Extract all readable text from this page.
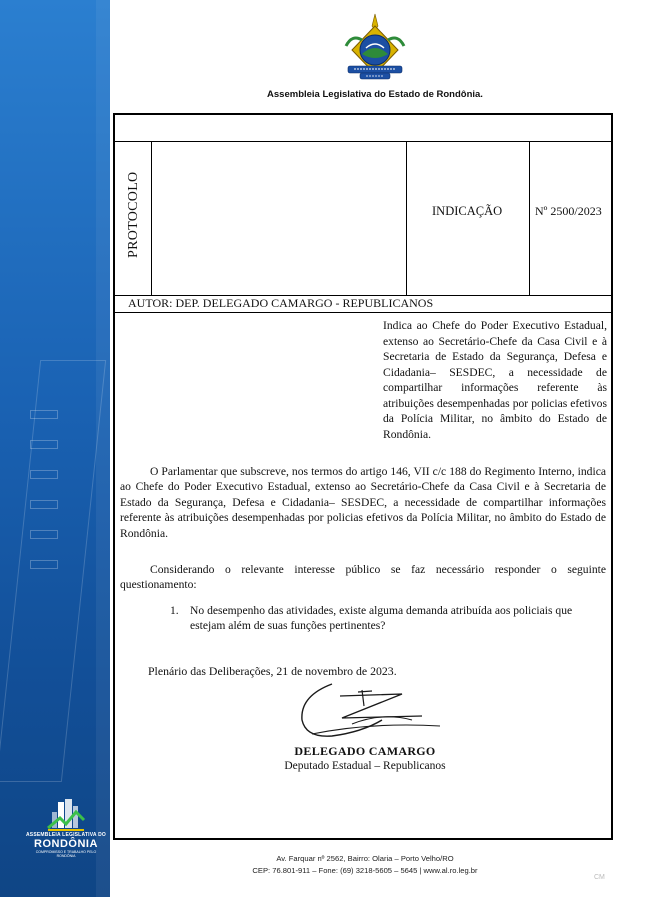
ASSEMBLEIA LEGISLATIVA DO
RONDÔNIA
COMPROMISSO E TRABALHO PELO RONDÔNIA
Assembleia Legislativa do Estado de Rondônia.
PROTOCOLO	INDICAÇÃO	Nº 2500/2023
AUTOR: DEP. DELEGADO CAMARGO - REPUBLICANOS
Indica ao Chefe do Poder Executivo Estadual, extenso ao Secretário-Chefe da Casa Civil e à Secretaria de Estado da Segurança, Defesa e Cidadania– SESDEC, a necessidade de compartilhar informações referente às atribuições desempenhadas por policias efetivos da Polícia Militar, no âmbito do Estado de Rondônia.
O Parlamentar que subscreve, nos termos do artigo 146, VII c/c 188 do Regimento Interno, indica ao Chefe do Poder Executivo Estadual, extenso ao Secretário-Chefe da Casa Civil e à Secretaria de Estado da Segurança, Defesa e Cidadania– SESDEC, a necessidade de compartilhar informações referente às atribuições desempenhadas por policias efetivos da Polícia Militar, no âmbito do Estado de Rondônia.
Considerando o relevante interesse público se faz necessário responder o seguinte questionamento:
1. No desempenho das atividades, existe alguma demanda atribuída aos policiais que estejam além de suas funções pertinentes?
Plenário das Deliberações, 21 de novembro de 2023.
DELEGADO CAMARGO
Deputado Estadual – Republicanos
Av. Farquar nº 2562, Bairro: Olaria – Porto Velho/RO
CEP: 76.801-911 – Fone: (69) 3218-5605 – 5645 | www.al.ro.leg.br
CM
